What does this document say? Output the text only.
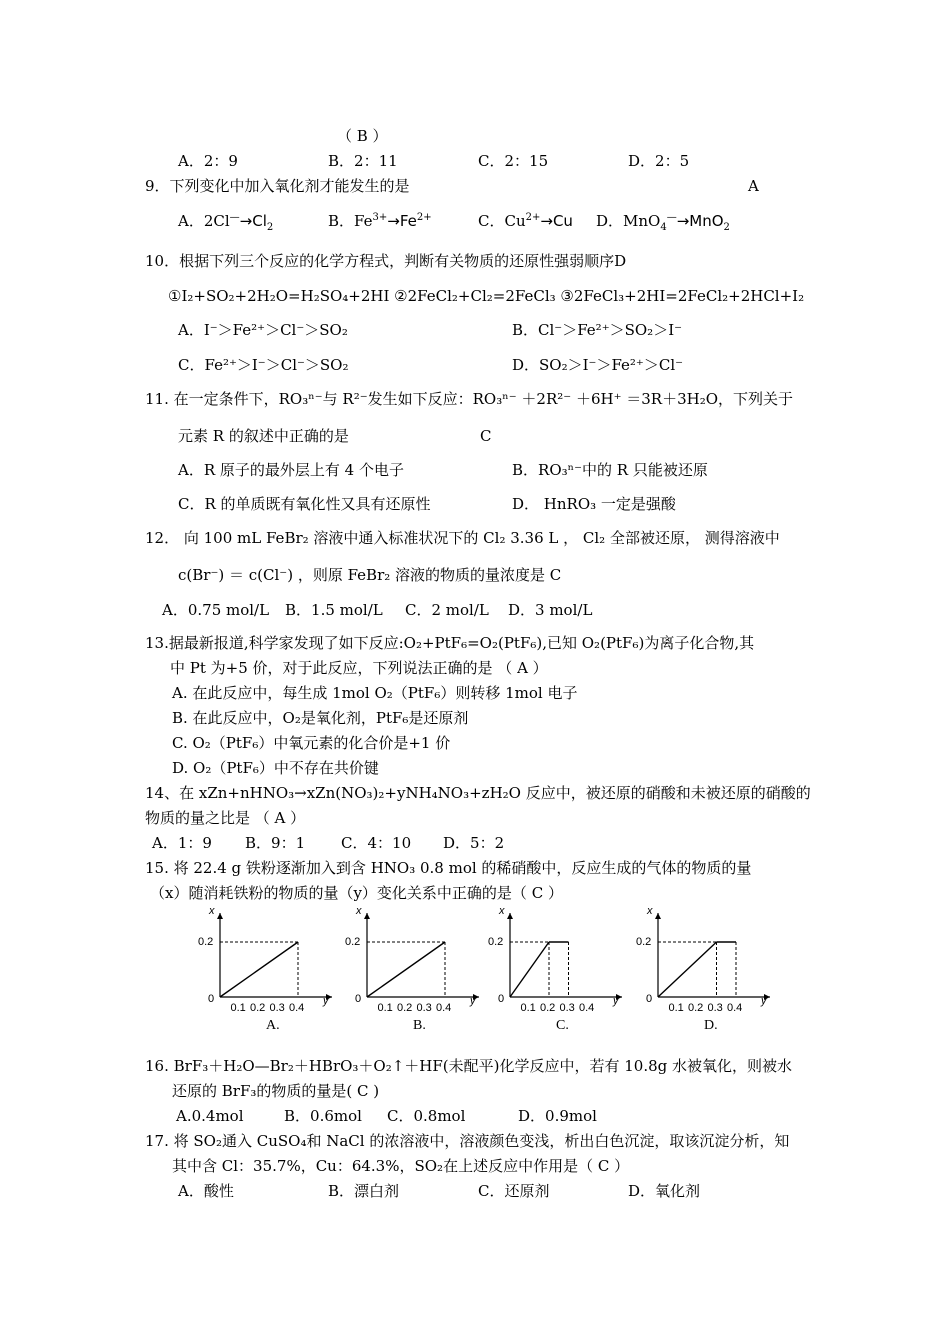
（ B ）
A．2：9	B．2：11	C．2：15	D．2：5
9．下列变化中加入氧化剂才能发生的是	A
A．$2Cl^—\to Cl_2$	B．$Fe^{3+}\to Fe^{2+}$	C．$Cu^{2+}\to Cu$ D．MnO$_4$—→MnO$_2$
10．根据下列三个反应的化学方程式，判断有关物质的还原性强弱顺序D
①I₂+SO₂+2H₂O=H₂SO₄+2HI ②2FeCl₂+Cl₂=2FeCl₃ ③2FeCl₃+2HI=2FeCl₂+2HCl+I₂
A．I⁻＞Fe²⁺＞Cl⁻＞SO₂	B．Cl⁻＞Fe²⁺＞SO₂＞I⁻
C．Fe²⁺＞I⁻＞Cl⁻＞SO₂	D．SO₂＞I⁻＞Fe²⁺＞Cl⁻
11. 在一定条件下，RO₃ⁿ⁻与 R²⁻发生如下反应：RO₃ⁿ⁻ ＋2R²⁻ ＋6H⁺ ＝3R＋3H₂O，下列关于
元素 R 的叙述中正确的是	C
A．R 原子的最外层上有 4 个电子	B．RO₃ⁿ⁻中的 R 只能被还原
C．R 的单质既有氧化性又具有还原性	D． HnRO₃ 一定是强酸
12． 向 100 mL FeBr₂ 溶液中通入标准状况下的 Cl₂ 3.36 L ， Cl₂ 全部被还原， 测得溶液中
c(Br⁻) ＝ c(Cl⁻) ，则原 FeBr₂ 溶液的物质的量浓度是 C
A．0.75 mol/L B．1.5 mol/L C．2 mol/L D．3 mol/L
13.据最新报道,科学家发现了如下反应:O₂+PtF₆=O₂(PtF₆),已知 O₂(PtF₆)为离子化合物,其
中 Pt 为+5 价，对于此反应，下列说法正确的是 （ A ）
A. 在此反应中，每生成 1mol O₂（PtF₆）则转移 1mol 电子
B. 在此反应中，O₂是氧化剂，PtF₆是还原剂
C. O₂（PtF₆）中氧元素的化合价是+1 价
D. O₂（PtF₆）中不存在共价键
14、在 xZn+nHNO₃→xZn(NO₃)₂+yNH₄NO₃+zH₂O 反应中，被还原的硝酸和未被还原的硝酸的
物质的量之比是 （ A ）
A．1：9 B．9：1 C．4：10 D．5：2
15. 将 22.4 g 铁粉逐渐加入到含 HNO₃ 0.8 mol 的稀硝酸中，反应生成的气体的物质的量
（x）随消耗铁粉的物质的量（y）变化关系中正确的是（ C ）
x
0.2
0
0.1 0.2 0.3 0.4
y
A.
x
0.2
0
0.1 0.2 0.3 0.4
y
B.
x
0.2
0
0.1 0.2 0.3 0.4
y
C.
x
0.2
0
0.1 0.2 0.3 0.4
y
D.
16. BrF₃＋H₂O—Br₂＋HBrO₃＋O₂↑＋HF(未配平)化学反应中，若有 10.8g 水被氧化，则被水
还原的 BrF₃的物质的量是( C )
A.0.4mol	B．0.6mol C．0.8mol	D．0.9mol
17. 将 SO₂通入 CuSO₄和 NaCl 的浓溶液中，溶液颜色变浅，析出白色沉淀，取该沉淀分析，知
其中含 Cl：35.7%，Cu：64.3%，SO₂在上述反应中作用是（ C ）
A．酸性	B．漂白剂	C．还原剂	D．氧化剂
